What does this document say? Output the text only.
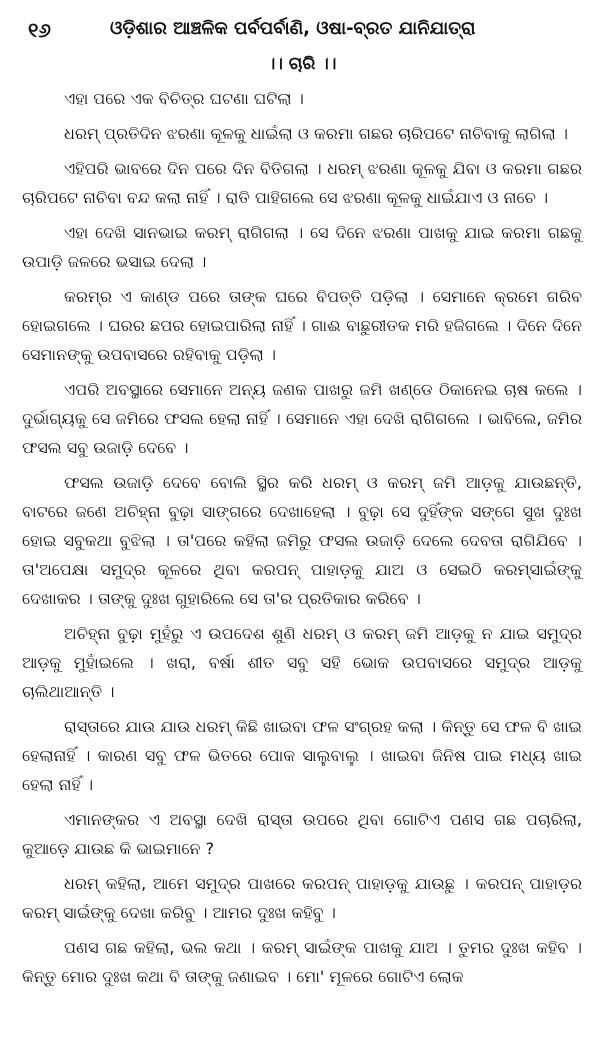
୧୬	ଓଡ଼ିଶାର ଆଞ୍ଚଳିକ ପର୍ବପର୍ବାଣି, ଓଷା-ବ୍ରତ ଯାନିଯାତ୍ରା
।। ଚାରି ।।

ଏହା ପରେ ଏକ ବିଚିତ୍ର ଘଟଣା ଘଟିଲା ।

ଧରମ୍ ପ୍ରତିଦିନ ଝରଣା କୂଳକୁ ଧାଇଁଲା ଓ କରମା ଗଛର ଚାରିପଟେ ନାଚିବାକୁ ଲାଗିଲା ।

ଏହିପରି ଭାବରେ ଦିନ ପରେ ଦିନ ବିତିଗଲା । ଧରମ୍ ଝରଣା କୂଳକୁ ଯିବା ଓ କରମା ଗଛର ଚାରିପଟେ ନାଚିବା ବନ୍ଦ କଲା ନାହିଁ । ରାତି ପାହିଗଲେ ସେ ଝରଣା କୂଳକୁ ଧାଇଁଯାଏ ଓ ନାଚେ ।

ଏହା ଦେଖି ସାନଭାଇ କରମ୍ ରାଗିଗଲା । ସେ ଦିନେ ଝରଣା ପାଖକୁ ଯାଇ କରମା ଗଛକୁ ଉପାଡ଼ି ଜଳରେ ଭସାଇ ଦେଲା ।

କରମ୍‌ର ଏ କାଣ୍ଡ ପରେ ତାଙ୍କ ଘରେ ବିପତ୍ତି ପଡ଼ିଲା । ସେମାନେ କ୍ରମେ ଗରିବ ହୋଇଗଲେ । ଘରର ଛପର ହୋଇପାରିଲା ନାହିଁ । ଗାଈ ବାଛୁରୀତକ ମରି ହଜିଗଲେ । ଦିନେ ଦିନେ ସେମାନଙ୍କୁ ଉପବାସରେ ରହିବାକୁ ପଡ଼ିଲା ।

ଏପରି ଅବସ୍ଥାରେ ସେମାନେ ଅନ୍ୟ ଜଣକ ପାଖରୁ ଜମି ଖଣ୍ଡେ ଠିକାନେଇ ଚାଷ କଲେ । ଦୁର୍ଭାଗ୍ୟକୁ ସେ ଜମିରେ ଫସଲ ହେଲା ନାହିଁ । ସେମାନେ ଏହା ଦେଖି ରାଗିଗଲେ । ଭାବିଲେ, ଜମିର ଫସଲ ସବୁ ଉଜାଡ଼ି ଦେବେ ।

ଫସଲ ଉଜାଡ଼ି ଦେବେ ବୋଲି ସ୍ଥିର କରି ଧରମ୍ ଓ କରମ୍ ଜମି ଆଡ଼କୁ ଯାଉଛନ୍ତି, ବାଟରେ ଜଣେ ଅଚିହ୍ନା ବୁଢ଼ା ସାଙ୍ଗରେ ଦେଖାହେଲା । ବୁଢ଼ା ସେ ଦୁହିଁଙ୍କ ସଙ୍ଗେ ସୁଖ ଦୁଃଖ ହୋଇ ସବୁକଥା ବୁଝିଲା । ତା'ପରେ କହିଲା ଜମିରୁ ଫସଲ ଉଜାଡ଼ି ଦେଲେ ଦେବତା ରାଗିଯିବେ । ତା'ଅପେକ୍ଷା ସମୁଦ୍ର କୂଳରେ ଥିବା କରପନ୍ ପାହାଡ଼କୁ ଯାଅ ଓ ସେଇଠି କରମ୍‌ସାଇଁଙ୍କୁ ଦେଖାକର । ତାଙ୍କୁ ଦୁଃଖ ଗୁହାରିଲେ ସେ ତା'ର ପ୍ରତିକାର କରିବେ ।

ଅଚିହ୍ନା ବୁଢ଼ା ମୁହଁରୁ ଏ ଉପଦେଶ ଶୁଣି ଧରମ୍ ଓ କରମ୍ ଜମି ଆଡ଼କୁ ନ ଯାଇ ସମୁଦ୍ର ଆଡ଼କୁ ମୁହାଁଇଲେ । ଖରା, ବର୍ଷା ଶୀତ ସବୁ ସହି ଭୋକ ଉପବାସରେ ସମୁଦ୍ର ଆଡ଼କୁ ଚାଲିଥାଆନ୍ତି ।

ରାସ୍ତାରେ ଯାଉ ଯାଉ ଧରମ୍ କିଛି ଖାଇବା ଫଳ ସଂଗ୍ରହ କଲା । କିନ୍ତୁ ସେ ଫଳ ବି ଖାଇ ହେଲାନାହିଁ । କାରଣ ସବୁ ଫଳ ଭିତରେ ପୋକ ସାଲୁବାଲୁ । ଖାଇବା ଜିନିଷ ପାଇ ମଧ୍ୟ ଖାଇ ହେଲା ନାହିଁ ।

ଏମାନଙ୍କର ଏ ଅବସ୍ଥା ଦେଖି ରାସ୍ତା ଉପରେ ଥିବା ଗୋଟିଏ ପଣସ ଗଛ ପଚାରିଲା, କୁଆଡ଼େ ଯାଉଛ କି ଭାଇମାନେ ?

ଧରମ୍ କହିଲା, ଆମେ ସମୁଦ୍ର ପାଖରେ କରପନ୍ ପାହାଡ଼କୁ ଯାଉଛୁ । କରପନ୍ ପାହାଡ଼ର କରମ୍ ସାଇଁଙ୍କୁ ଦେଖା କରିବୁ । ଆମର ଦୁଃଖ କହିବୁ ।

ପଣସ ଗଛ କହିଲା, ଭଲ କଥା । କରମ୍ ସାଇଁଙ୍କ ପାଖକୁ ଯାଅ । ତୁମର ଦୁଃଖ କହିବ । କିନ୍ତୁ ମୋର ଦୁଃଖ କଥା ବି ତାଙ୍କୁ ଜଣାଇବ । ମୋ' ମୂଳରେ ଗୋଟିଏ ଲୋକ
